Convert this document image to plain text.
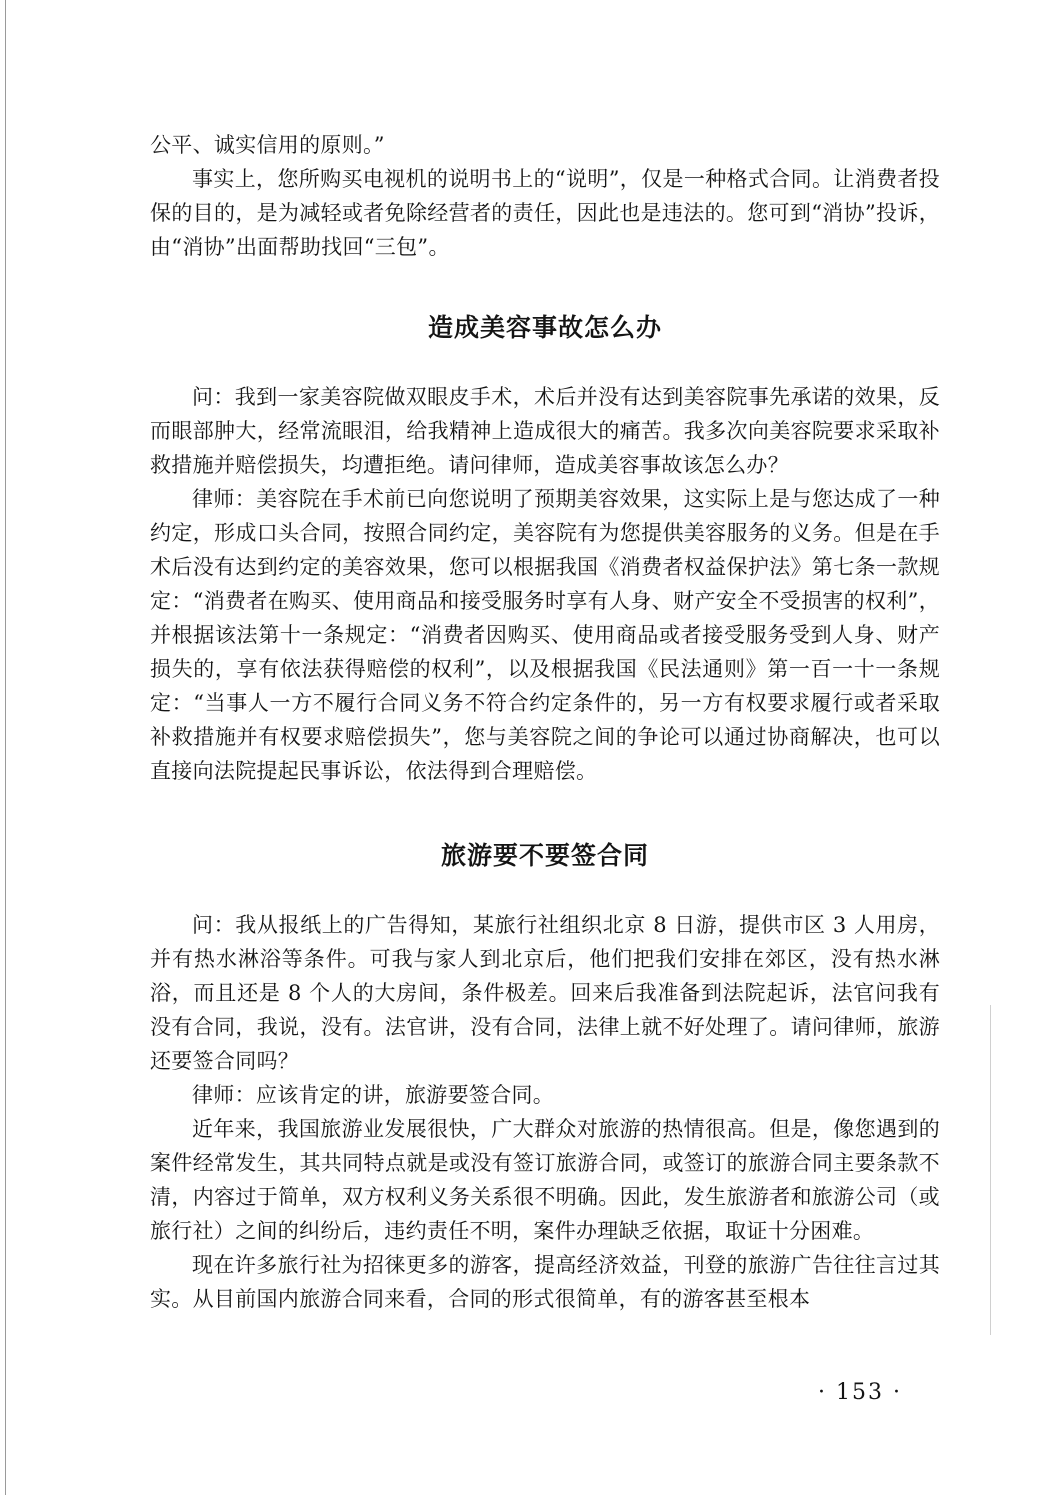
公平、诚实信用的原则。”

事实上，您所购买电视机的说明书上的“说明”，仅是一种格式合同。让消费者投保的目的，是为减轻或者免除经营者的责任，因此也是违法的。您可到“消协”投诉，由“消协”出面帮助找回“三包”。

造成美容事故怎么办

问：我到一家美容院做双眼皮手术，术后并没有达到美容院事先承诺的效果，反而眼部肿大，经常流眼泪，给我精神上造成很大的痛苦。我多次向美容院要求采取补救措施并赔偿损失，均遭拒绝。请问律师，造成美容事故该怎么办？

律师：美容院在手术前已向您说明了预期美容效果，这实际上是与您达成了一种约定，形成口头合同，按照合同约定，美容院有为您提供美容服务的义务。但是在手术后没有达到约定的美容效果，您可以根据我国《消费者权益保护法》第七条一款规定：“消费者在购买、使用商品和接受服务时享有人身、财产安全不受损害的权利”，并根据该法第十一条规定：“消费者因购买、使用商品或者接受服务受到人身、财产损失的，享有依法获得赔偿的权利”，以及根据我国《民法通则》第一百一十一条规定：“当事人一方不履行合同义务不符合约定条件的，另一方有权要求履行或者采取补救措施并有权要求赔偿损失”，您与美容院之间的争论可以通过协商解决，也可以直接向法院提起民事诉讼，依法得到合理赔偿。

旅游要不要签合同

问：我从报纸上的广告得知，某旅行社组织北京 8 日游，提供市区 3 人用房，并有热水淋浴等条件。可我与家人到北京后，他们把我们安排在郊区，没有热水淋浴，而且还是 8 个人的大房间，条件极差。回来后我准备到法院起诉，法官问我有没有合同，我说，没有。法官讲，没有合同，法律上就不好处理了。请问律师，旅游还要签合同吗？

律师：应该肯定的讲，旅游要签合同。

近年来，我国旅游业发展很快，广大群众对旅游的热情很高。但是，像您遇到的案件经常发生，其共同特点就是或没有签订旅游合同，或签订的旅游合同主要条款不清，内容过于简单，双方权利义务关系很不明确。因此，发生旅游者和旅游公司（或旅行社）之间的纠纷后，违约责任不明，案件办理缺乏依据，取证十分困难。

现在许多旅行社为招徕更多的游客，提高经济效益，刊登的旅游广告往往言过其实。从目前国内旅游合同来看，合同的形式很简单，有的游客甚至根本

· 153 ·
